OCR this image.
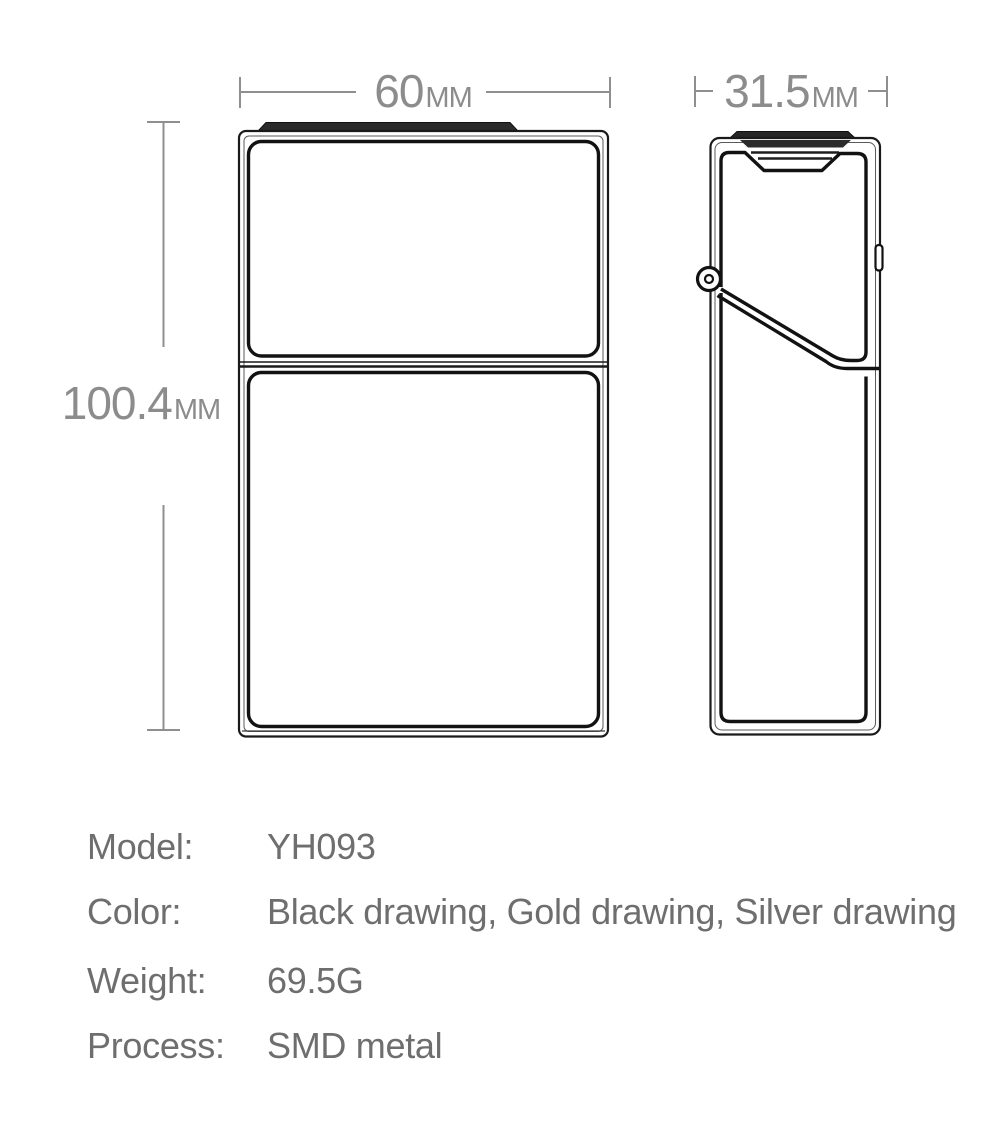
60 MM	31.5 MM
100.4 MM
Model: YH093
Color: Black drawing, Gold drawing, Silver drawing
Weight: 69.5G
Process: SMD metal
